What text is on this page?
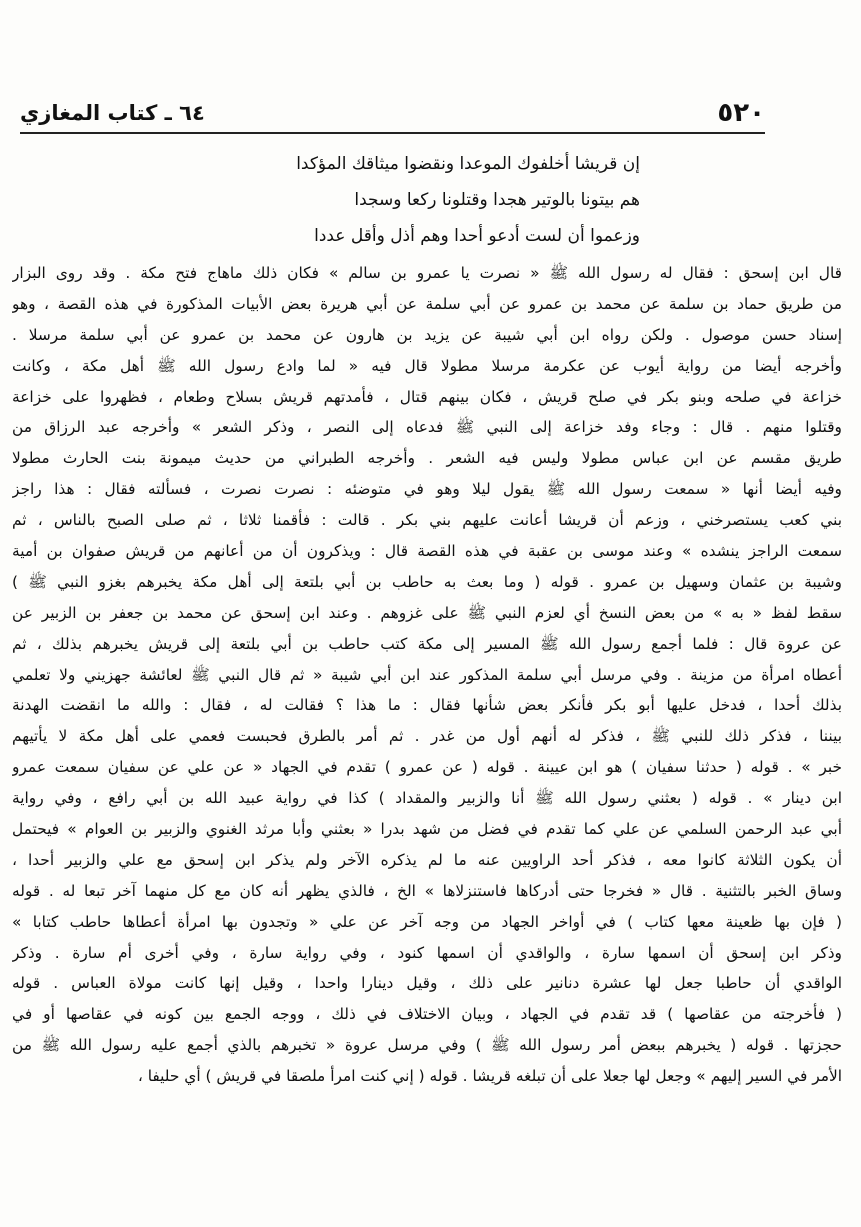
٥٢٠
٦٤ ـ كتاب المغازي
إن قريشا أخلفوك الموعدا ونقضوا ميثاقك المؤكدا
هم بيتونا بالوتير هجدا وقتلونا ركعا وسجدا
وزعموا أن لست أدعو أحدا وهم أذل وأقل عددا
قال ابن إسحق : فقال له رسول الله ﷺ « نصرت يا عمرو بن سالم » فكان ذلك ماهاج فتح مكة . وقد روى البزار
من طريق حماد بن سلمة عن محمد بن عمرو عن أبي سلمة عن أبي هريرة بعض الأبيات المذكورة في هذه القصة ، وهو
إسناد حسن موصول . ولكن رواه ابن أبي شيبة عن يزيد بن هارون عن محمد بن عمرو عن أبي سلمة مرسلا .
وأخرجه أيضا من رواية أيوب عن عكرمة مرسلا مطولا قال فيه « لما وادع رسول الله ﷺ أهل مكة ، وكانت
خزاعة في صلحه وبنو بكر في صلح قريش ، فكان بينهم قتال ، فأمدتهم قريش بسلاح وطعام ، فظهروا على خزاعة
وقتلوا منهم . قال : وجاء وفد خزاعة إلى النبي ﷺ فدعاه إلى النصر ، وذكر الشعر » وأخرجه عبد الرزاق من
طريق مقسم عن ابن عباس مطولا وليس فيه الشعر . وأخرجه الطبراني من حديث ميمونة بنت الحارث مطولا
وفيه أيضا أنها « سمعت رسول الله ﷺ يقول ليلا وهو في متوضئه : نصرت نصرت ، فسألته فقال : هذا راجز
بني كعب يستصرخني ، وزعم أن قريشا أعانت عليهم بني بكر . قالت : فأقمنا ثلاثا ، ثم صلى الصبح بالناس ، ثم
سمعت الراجز ينشده » وعند موسى بن عقبة في هذه القصة قال : ويذكرون أن من أعانهم من قريش صفوان بن أمية
وشيبة بن عثمان وسهيل بن عمرو . قوله ( وما بعث به حاطب بن أبي بلتعة إلى أهل مكة يخبرهم بغزو النبي ﷺ )
سقط لفظ « به » من بعض النسخ أي لعزم النبي ﷺ على غزوهم . وعند ابن إسحق عن محمد بن جعفر بن الزبير عن
عن عروة قال : فلما أجمع رسول الله ﷺ المسير إلى مكة كتب حاطب بن أبي بلتعة إلى قريش يخبرهم بذلك ، ثم
أعطاه امرأة من مزينة . وفي مرسل أبي سلمة المذكور عند ابن أبي شيبة « ثم قال النبي ﷺ لعائشة جهزيني ولا تعلمي
بذلك أحدا ، فدخل عليها أبو بكر فأنكر بعض شأنها فقال : ما هذا ؟ فقالت له ، فقال : والله ما انقضت الهدنة
بيننا ، فذكر ذلك للنبي ﷺ ، فذكر له أنهم أول من غدر . ثم أمر بالطرق فحبست فعمي على أهل مكة لا يأتيهم
خبر » . قوله ( حدثنا سفيان ) هو ابن عيينة . قوله ( عن عمرو ) تقدم في الجهاد « عن علي عن سفيان سمعت عمرو
ابن دينار » . قوله ( بعثني رسول الله ﷺ أنا والزبير والمقداد ) كذا في رواية عبيد الله بن أبي رافع ، وفي رواية
أبي عبد الرحمن السلمي عن علي كما تقدم في فضل من شهد بدرا « بعثني وأبا مرثد الغنوي والزبير بن العوام » فيحتمل
أن يكون الثلاثة كانوا معه ، فذكر أحد الراويين عنه ما لم يذكره الآخر ولم يذكر ابن إسحق مع علي والزبير أحدا ،
وساق الخبر بالتثنية . قال « فخرجا حتى أدركاها فاستنزلاها » الخ ، فالذي يظهر أنه كان مع كل منهما آخر تبعا له . قوله
( فإن بها ظعينة معها كتاب ) في أواخر الجهاد من وجه آخر عن علي « وتجدون بها امرأة أعطاها حاطب كتابا »
وذكر ابن إسحق أن اسمها سارة ، والواقدي أن اسمها كنود ، وفي رواية سارة ، وفي أخرى أم سارة . وذكر
الواقدي أن حاطبا جعل لها عشرة دنانير على ذلك ، وقيل دينارا واحدا ، وقيل إنها كانت مولاة العباس . قوله
( فأخرجته من عقاصها ) قد تقدم في الجهاد ، وبيان الاختلاف في ذلك ، ووجه الجمع بين كونه في عقاصها أو في
حجزتها . قوله ( يخبرهم ببعض أمر رسول الله ﷺ ) وفي مرسل عروة « تخبرهم بالذي أجمع عليه رسول الله ﷺ من
الأمر في السير إليهم » وجعل لها جعلا على أن تبلغه قريشا . قوله ( إني كنت امرأ ملصقا في قريش ) أي حليفا ،
